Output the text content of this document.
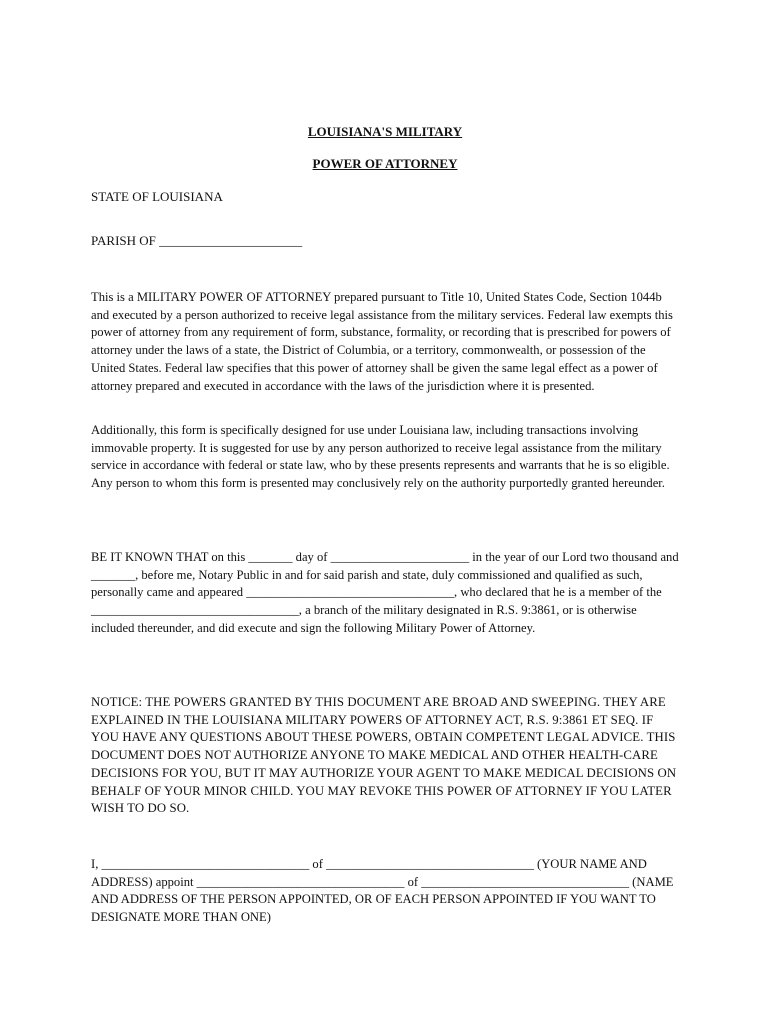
LOUISIANA'S MILITARY
POWER OF ATTORNEY

STATE OF LOUISIANA

PARISH OF ______________________

This is a MILITARY POWER OF ATTORNEY prepared pursuant to Title 10, United States Code, Section 1044b and executed by a person authorized to receive legal assistance from the military services. Federal law exempts this power of attorney from any requirement of form, substance, formality, or recording that is prescribed for powers of attorney under the laws of a state, the District of Columbia, or a territory, commonwealth, or possession of the United States. Federal law specifies that this power of attorney shall be given the same legal effect as a power of attorney prepared and executed in accordance with the laws of the jurisdiction where it is presented.

Additionally, this form is specifically designed for use under Louisiana law, including transactions involving immovable property. It is suggested for use by any person authorized to receive legal assistance from the military service in accordance with federal or state law, who by these presents represents and warrants that he is so eligible. Any person to whom this form is presented may conclusively rely on the authority purportedly granted hereunder.

BE IT KNOWN THAT on this _______ day of ______________________ in the year of our Lord two thousand and _______, before me, Notary Public in and for said parish and state, duly commissioned and qualified as such, personally came and appeared _________________________________, who declared that he is a member of the _________________________________, a branch of the military designated in R.S. 9:3861, or is otherwise included thereunder, and did execute and sign the following Military Power of Attorney.

NOTICE: THE POWERS GRANTED BY THIS DOCUMENT ARE BROAD AND SWEEPING. THEY ARE EXPLAINED IN THE LOUISIANA MILITARY POWERS OF ATTORNEY ACT, R.S. 9:3861 ET SEQ. IF YOU HAVE ANY QUESTIONS ABOUT THESE POWERS, OBTAIN COMPETENT LEGAL ADVICE. THIS DOCUMENT DOES NOT AUTHORIZE ANYONE TO MAKE MEDICAL AND OTHER HEALTH-CARE DECISIONS FOR YOU, BUT IT MAY AUTHORIZE YOUR AGENT TO MAKE MEDICAL DECISIONS ON BEHALF OF YOUR MINOR CHILD. YOU MAY REVOKE THIS POWER OF ATTORNEY IF YOU LATER WISH TO DO SO.

I, _________________________________ of _________________________________ (YOUR NAME AND ADDRESS) appoint _________________________________ of _________________________________ (NAME AND ADDRESS OF THE PERSON APPOINTED, OR OF EACH PERSON APPOINTED IF YOU WANT TO DESIGNATE MORE THAN ONE)
